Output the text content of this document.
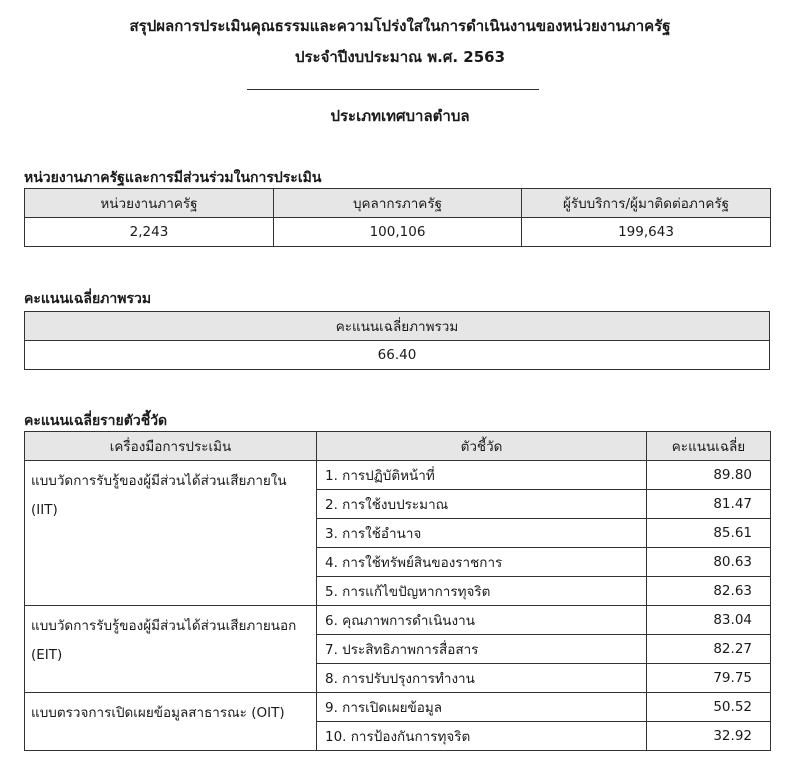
สรุปผลการประเมินคุณธรรมและความโปร่งใสในการดำเนินงานของหน่วยงานภาครัฐ
ประจำปีงบประมาณ พ.ศ. 2563
ประเภทเทศบาลตำบล
หน่วยงานภาครัฐและการมีส่วนร่วมในการประเมิน
หน่วยงานภาครัฐ	บุคลากรภาครัฐ	ผู้รับบริการ/ผู้มาติดต่อภาครัฐ
2,243	100,106	199,643
คะแนนเฉลี่ยภาพรวม
คะแนนเฉลี่ยภาพรวม
66.40
คะแนนเฉลี่ยรายตัวชี้วัด
เครื่องมือการประเมิน	ตัวชี้วัด	คะแนนเฉลี่ย
แบบวัดการรับรู้ของผู้มีส่วนได้ส่วนเสียภายใน (IIT)	1. การปฏิบัติหน้าที่	89.80
	2. การใช้งบประมาณ	81.47
	3. การใช้อำนาจ	85.61
	4. การใช้ทรัพย์สินของราชการ	80.63
	5. การแก้ไขปัญหาการทุจริต	82.63
แบบวัดการรับรู้ของผู้มีส่วนได้ส่วนเสียภายนอก (EIT)	6. คุณภาพการดำเนินงาน	83.04
	7. ประสิทธิภาพการสื่อสาร	82.27
	8. การปรับปรุงการทำงาน	79.75
แบบตรวจการเปิดเผยข้อมูลสาธารณะ (OIT)	9. การเปิดเผยข้อมูล	50.52
	10. การป้องกันการทุจริต	32.92
